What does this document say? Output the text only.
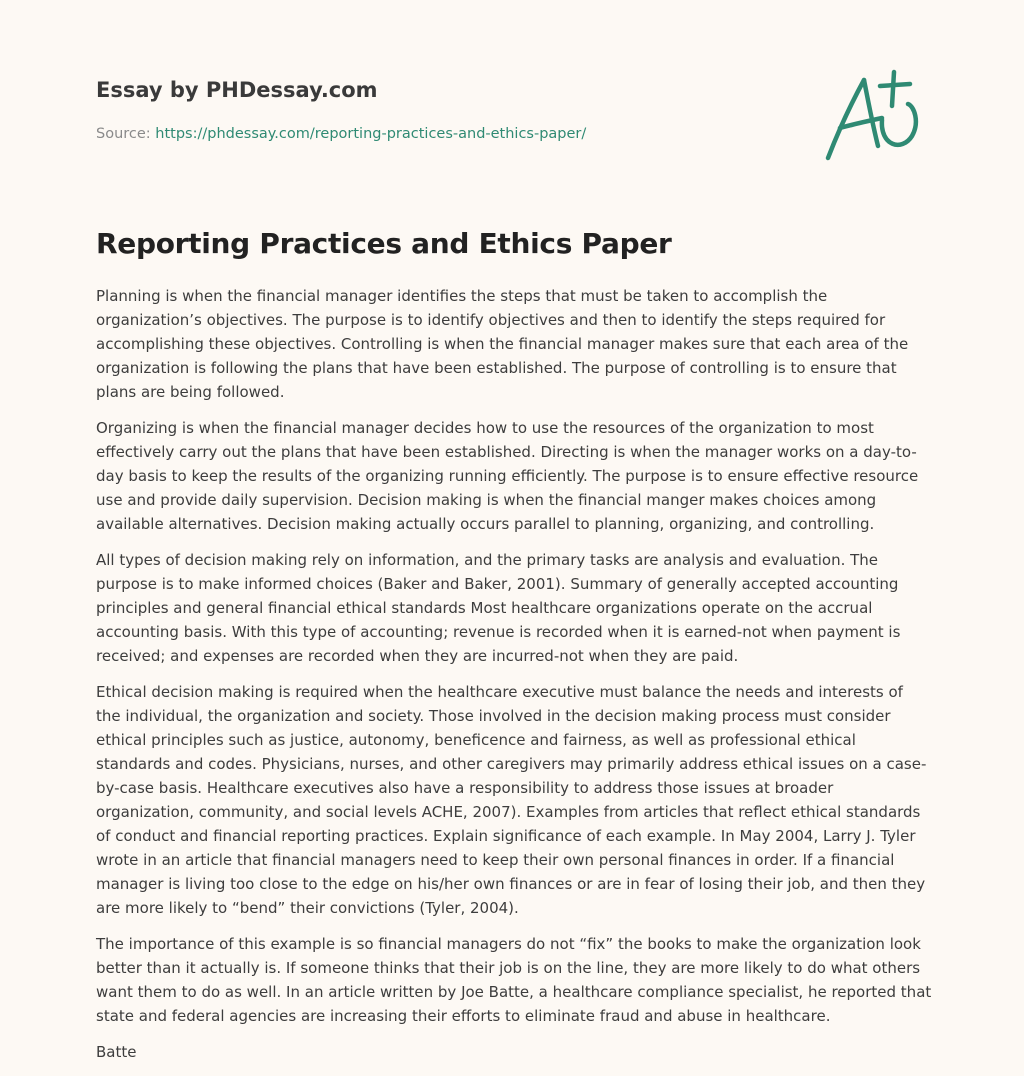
Essay by PHDessay.com
Source: https://phdessay.com/reporting-practices-and-ethics-paper/
Reporting Practices and Ethics Paper

Planning is when the financial manager identifies the steps that must be taken to accomplish the organization’s objectives. The purpose is to identify objectives and then to identify the steps required for accomplishing these objectives. Controlling is when the financial manager makes sure that each area of the organization is following the plans that have been established. The purpose of controlling is to ensure that plans are being followed.

Organizing is when the financial manager decides how to use the resources of the organization to most effectively carry out the plans that have been established. Directing is when the manager works on a day-to-day basis to keep the results of the organizing running efficiently. The purpose is to ensure effective resource use and provide daily supervision. Decision making is when the financial manger makes choices among available alternatives. Decision making actually occurs parallel to planning, organizing, and controlling.

All types of decision making rely on information, and the primary tasks are analysis and evaluation. The purpose is to make informed choices (Baker and Baker, 2001). Summary of generally accepted accounting principles and general financial ethical standards Most healthcare organizations operate on the accrual accounting basis. With this type of accounting; revenue is recorded when it is earned-not when payment is received; and expenses are recorded when they are incurred-not when they are paid.

Ethical decision making is required when the healthcare executive must balance the needs and interests of the individual, the organization and society. Those involved in the decision making process must consider ethical principles such as justice, autonomy, beneficence and fairness, as well as professional ethical standards and codes. Physicians, nurses, and other caregivers may primarily address ethical issues on a case-by-case basis. Healthcare executives also have a responsibility to address those issues at broader organization, community, and social levels ACHE, 2007). Examples from articles that reflect ethical standards of conduct and financial reporting practices. Explain significance of each example. In May 2004, Larry J. Tyler wrote in an article that financial managers need to keep their own personal finances in order. If a financial manager is living too close to the edge on his/her own finances or are in fear of losing their job, and then they are more likely to “bend” their convictions (Tyler, 2004).

The importance of this example is so financial managers do not “fix” the books to make the organization look better than it actually is. If someone thinks that their job is on the line, they are more likely to do what others want them to do as well. In an article written by Joe Batte, a healthcare compliance specialist, he reported that state and federal agencies are increasing their efforts to eliminate fraud and abuse in healthcare.

Batte
